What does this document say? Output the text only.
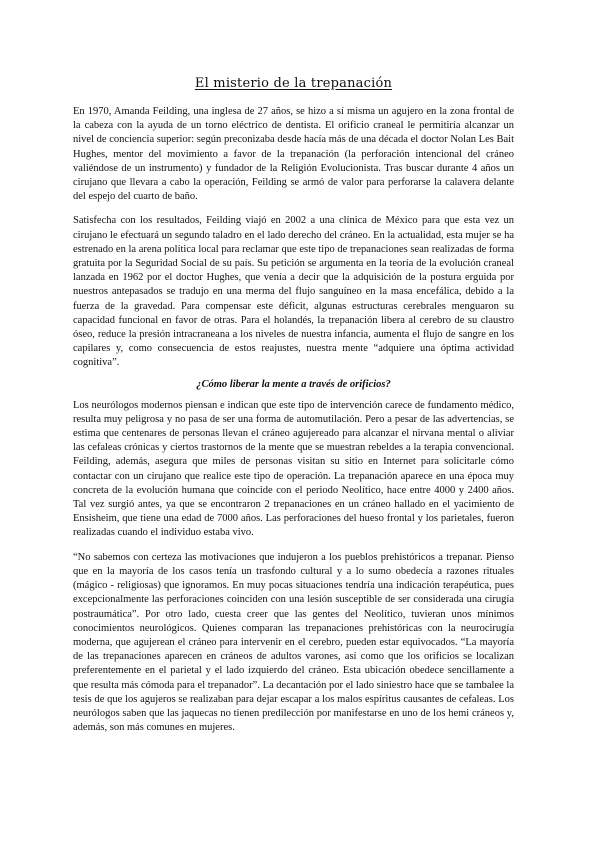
El misterio de la trepanación

En 1970, Amanda Feilding, una inglesa de 27 años, se hizo a sí misma un agujero en la zona frontal de la cabeza con la ayuda de un torno eléctrico de dentista. El orificio craneal le permitiría alcanzar un nivel de conciencia superior: según preconizaba desde hacía más de una década el doctor Nolan Les Bait Hughes, mentor del movimiento a favor de la trepanación (la perforación intencional del cráneo valiéndose de un instrumento) y fundador de la Religión Evolucionista. Tras buscar durante 4 años un cirujano que llevara a cabo la operación, Feilding se armó de valor para perforarse la calavera delante del espejo del cuarto de baño.

Satisfecha con los resultados, Feilding viajó en 2002 a una clínica de México para que esta vez un cirujano le efectuará un segundo taladro en el lado derecho del cráneo. En la actualidad, esta mujer se ha estrenado en la arena política local para reclamar que este tipo de trepanaciones sean realizadas de forma gratuita por la Seguridad Social de su país. Su petición se argumenta en la teoría de la evolución craneal lanzada en 1962 por el doctor Hughes, que venía a decir que la adquisición de la postura erguida por nuestros antepasados se tradujo en una merma del flujo sanguíneo en la masa encefálica, debido a la fuerza de la gravedad. Para compensar este déficit, algunas estructuras cerebrales menguaron su capacidad funcional en favor de otras. Para el holandés, la trepanación libera al cerebro de su claustro óseo, reduce la presión intracraneana a los niveles de nuestra infancia, aumenta el flujo de sangre en los capilares y, como consecuencia de estos reajustes, nuestra mente “adquiere una óptima actividad cognitiva”.

¿Cómo liberar la mente a través de orificios?

Los neurólogos modernos piensan e indican que este tipo de intervención carece de fundamento médico, resulta muy peligrosa y no pasa de ser una forma de automutilación. Pero a pesar de las advertencias, se estima que centenares de personas llevan el cráneo agujereado para alcanzar el nirvana mental o aliviar las cefaleas crónicas y ciertos trastornos de la mente que se muestran rebeldes a la terapia convencional. Feilding, además, asegura que miles de personas visitan su sitio en Internet para solicitarle cómo contactar con un cirujano que realice este tipo de operación. La trepanación aparece en una época muy concreta de la evolución humana que coincide con el periodo Neolítico, hace entre 4000 y 2400 años. Tal vez surgió antes, ya que se encontraron 2 trepanaciones en un cráneo hallado en el yacimiento de Ensisheim, que tiene una edad de 7000 años. Las perforaciones del hueso frontal y los parietales, fueron realizadas cuando el individuo estaba vivo.

“No sabemos con certeza las motivaciones que indujeron a los pueblos prehistóricos a trepanar. Pienso que en la mayoría de los casos tenía un trasfondo cultural y a lo sumo obedecía a razones rituales (mágico - religiosas) que ignoramos. En muy pocas situaciones tendría una indicación terapéutica, pues excepcionalmente las perforaciones coinciden con una lesión susceptible de ser considerada una cirugía postraumática”. Por otro lado, cuesta creer que las gentes del Neolítico, tuvieran unos mínimos conocimientos neurológicos. Quienes comparan las trepanaciones prehistóricas con la neurocirugía moderna, que agujerean el cráneo para intervenir en el cerebro, pueden estar equivocados. “La mayoría de las trepanaciones aparecen en cráneos de adultos varones, así como que los orificios se localizan preferentemente en el parietal y el lado izquierdo del cráneo. Esta ubicación obedece sencillamente a que resulta más cómoda para el trepanador”. La decantación por el lado siniestro hace que se tambalee la tesis de que los agujeros se realizaban para dejar escapar a los malos espíritus causantes de cefaleas. Los neurólogos saben que las jaquecas no tienen predilección por manifestarse en uno de los hemi cráneos y, además, son más comunes en mujeres.
